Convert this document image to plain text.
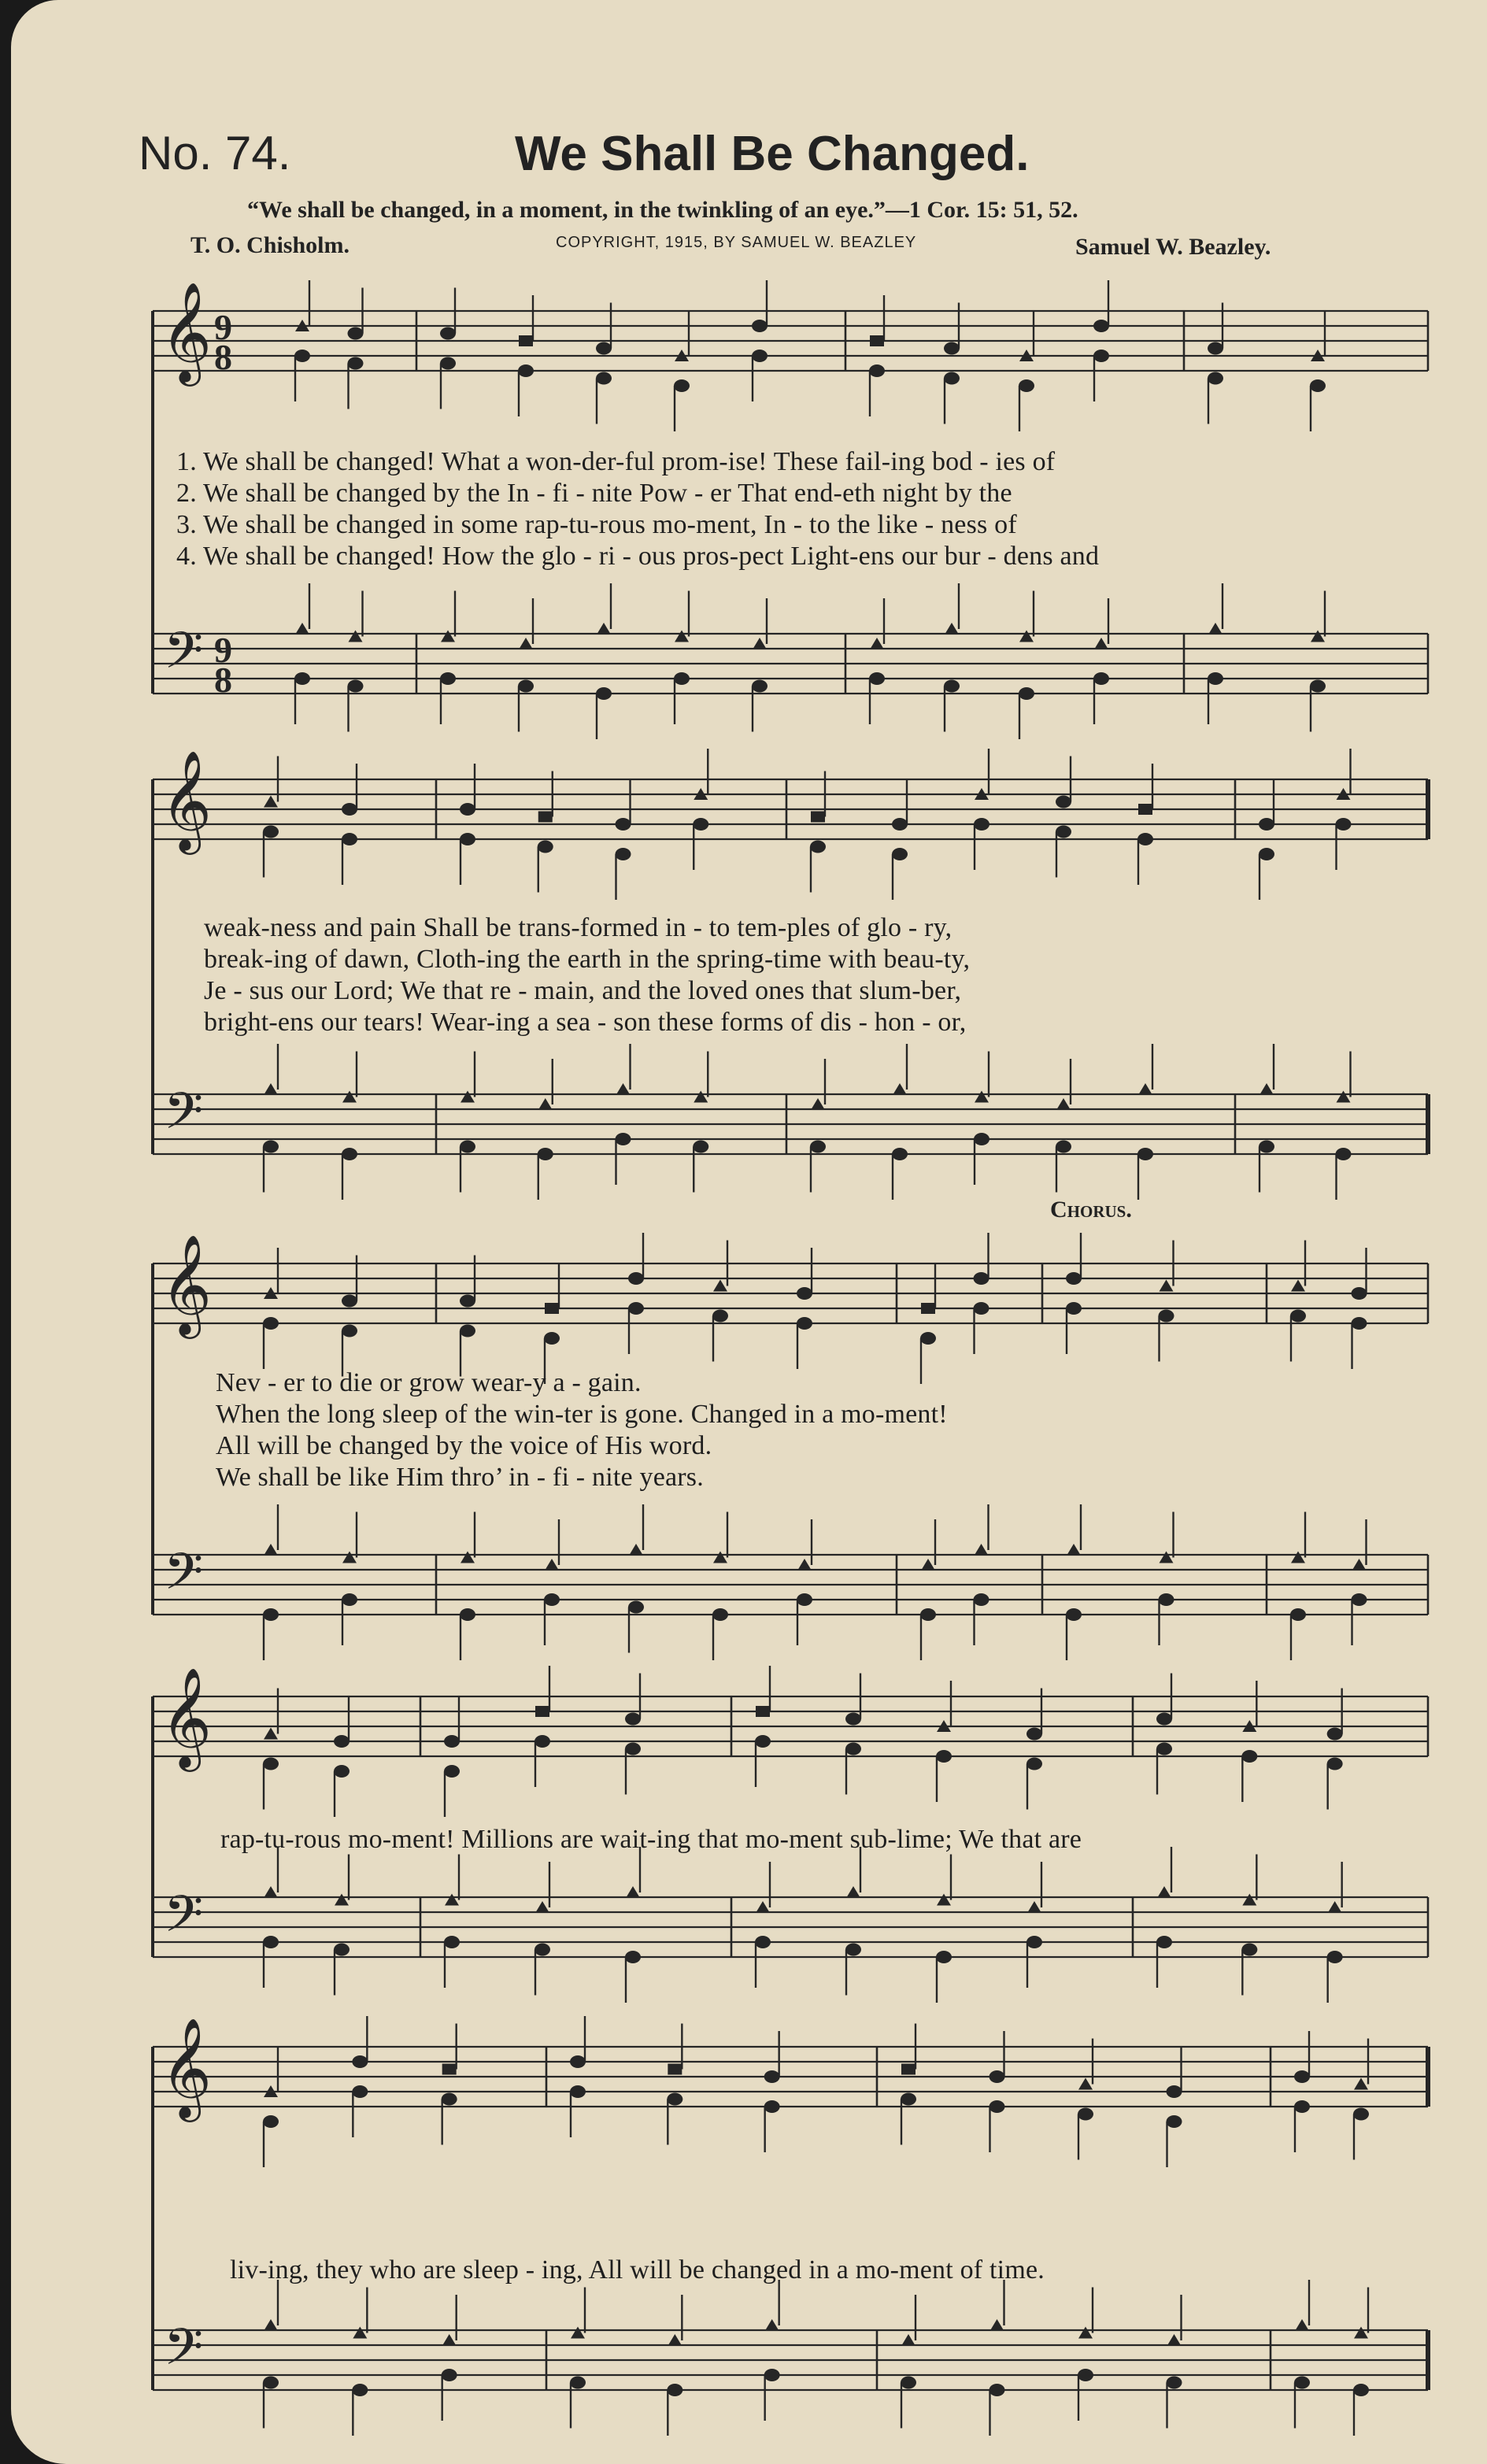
No. 74.	We Shall Be Changed.
“We shall be changed, in a moment, in the twinkling of an eye.”—1 Cor. 15: 51, 52.
T. O. Chisholm.	COPYRIGHT, 1915, BY SAMUEL W. BEAZLEY	Samuel W. Beazley.
𝄞
𝄢
9
8
9
8
𝄞
𝄢
𝄞
𝄢
𝄞
𝄢
𝄞
𝄢
1. We shall be changed! What a won-der-ful prom-ise! These fail-ing bod - ies of
2. We shall be changed by the In - fi - nite Pow - er That end-eth night by the
3. We shall be changed in some rap-tu-rous mo-ment, In - to the like - ness of
4. We shall be changed! How the glo - ri - ous pros-pect Light-ens our bur - dens and
weak-ness and pain Shall be trans-formed in - to tem-ples of glo - ry,
break-ing of dawn, Cloth-ing the earth in the spring-time with beau-ty,
Je - sus our Lord; We that re - main, and the loved ones that slum-ber,
bright-ens our tears! Wear-ing a sea - son these forms of dis - hon - or,
Chorus.
Nev - er to die or grow wear-y a - gain.
When the long sleep of the win-ter is gone. Changed in a mo-ment!
All will be changed by the voice of His word.
We shall be like Him thro’ in - fi - nite years.
rap-tu-rous mo-ment! Millions are wait-ing that mo-ment sub-lime; We that are
liv-ing, they who are sleep - ing, All will be changed in a mo-ment of time.
